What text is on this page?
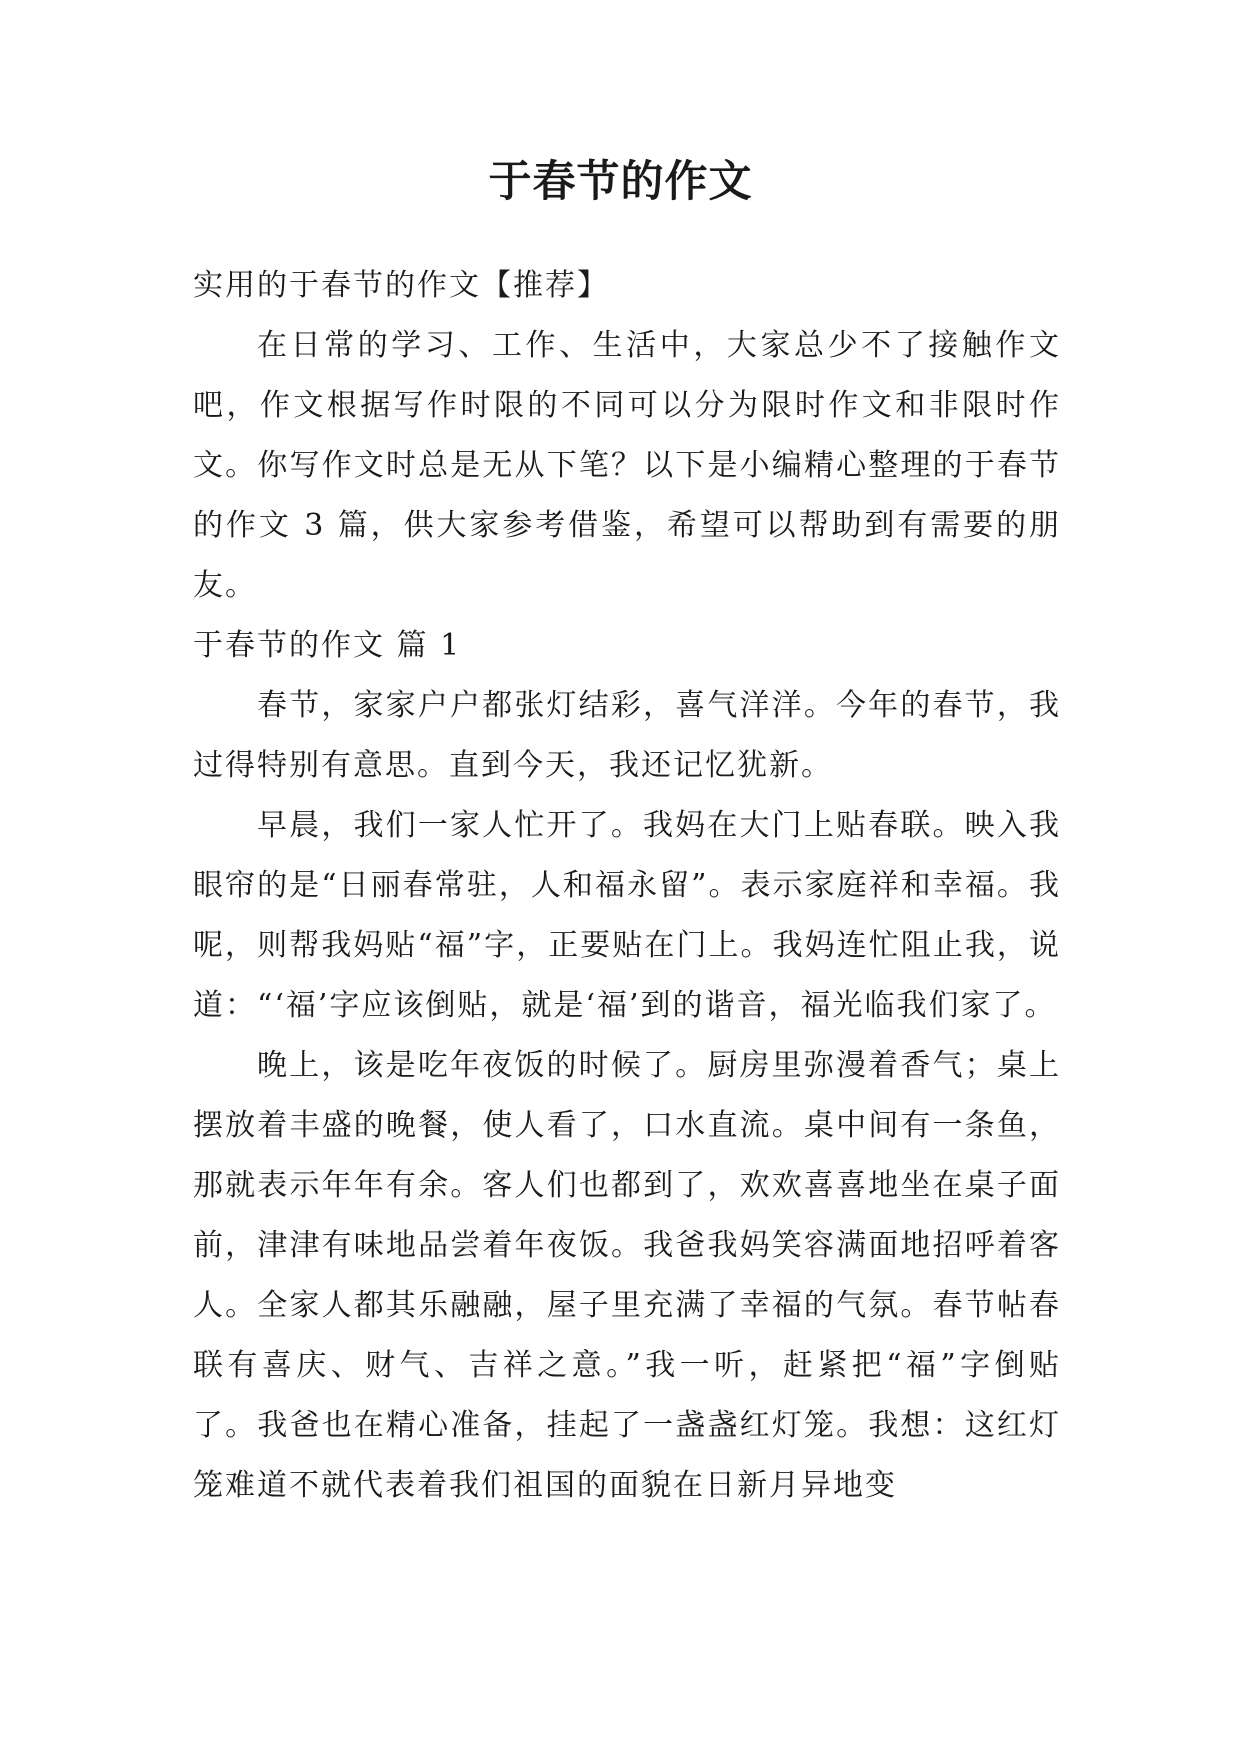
于春节的作文

实用的于春节的作文【推荐】

在日常的学习、工作、生活中，大家总少不了接触作文吧，作文根据写作时限的不同可以分为限时作文和非限时作文。你写作文时总是无从下笔？以下是小编精心整理的于春节的作文 3 篇，供大家参考借鉴，希望可以帮助到有需要的朋友。

于春节的作文 篇 1

春节，家家户户都张灯结彩，喜气洋洋。今年的春节，我过得特别有意思。直到今天，我还记忆犹新。

早晨，我们一家人忙开了。我妈在大门上贴春联。映入我眼帘的是“日丽春常驻，人和福永留”。表示家庭祥和幸福。我呢，则帮我妈贴“福”字，正要贴在门上。我妈连忙阻止我，说道：“‘福’字应该倒贴，就是‘福’到的谐音，福光临我们家了。

晚上，该是吃年夜饭的时候了。厨房里弥漫着香气；桌上摆放着丰盛的晚餐，使人看了，口水直流。桌中间有一条鱼，那就表示年年有余。客人们也都到了，欢欢喜喜地坐在桌子面前，津津有味地品尝着年夜饭。我爸我妈笑容满面地招呼着客人。全家人都其乐融融，屋子里充满了幸福的气氛。春节帖春联有喜庆、财气、吉祥之意。”我一听，赶紧把“福”字倒贴了。我爸也在精心准备，挂起了一盏盏红灯笼。我想：这红灯笼难道不就代表着我们祖国的面貌在日新月异地变
